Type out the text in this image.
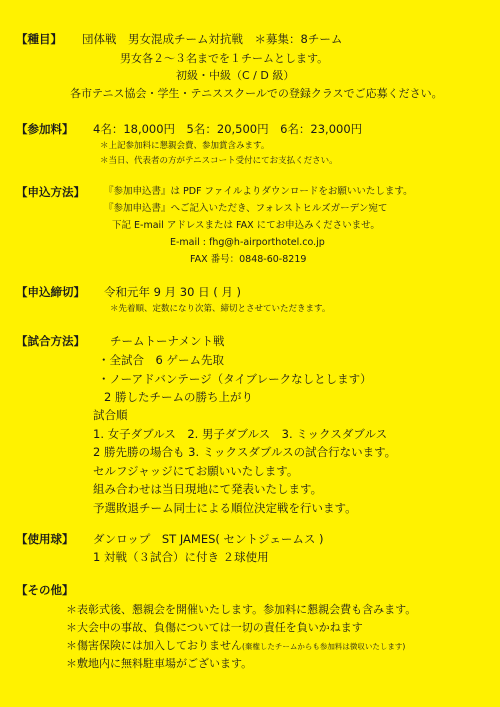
【種目】 団体戦　男女混成チーム対抗戦　＊募集：8チーム
男女各２～３名までを１チームとします。
初級・中級（C / D 級）
各市テニス協会・学生・テニススクールでの登録クラスでご応募ください。
【参加料】 4名：18,000円　5名：20,500円　6名：23,000円
＊上記参加料に懇親会費、参加賞含みます。
＊当日、代表者の方がテニスコート受付にてお支払ください。
【申込方法】 『参加申込書』は PDF ファイルよりダウンロードをお願いいたします。
『参加申込書』へご記入いただき、フォレストヒルズガーデン宛て
下記 E-mail アドレスまたは FAX にてお申込みくださいませ。
E-mail : fhg@h-airporthotel.co.jp
FAX 番号：0848-60-8219
【申込締切】 令和元年 9 月 30 日 ( 月 )
＊先着順、定数になり次第、締切とさせていただきます。
【試合方法】 チームトーナメント戦
・全試合　6 ゲーム先取
・ノーアドバンテージ（タイブレークなしとします）
2 勝したチームの勝ち上がり
試合順
1. 女子ダブルス　2. 男子ダブルス　3. ミックスダブルス
2 勝先勝の場合も 3. ミックスダブルスの試合行ないます。
セルフジャッジにてお願いいたします。
組み合わせは当日現地にて発表いたします。
予選敗退チーム同士による順位決定戦を行います。
【使用球】 ダンロップ　ST JAMES( セントジェームス )
1 対戦（３試合）に付き ２球使用
【その他】
＊表彰式後、懇親会を開催いたします。参加料に懇親会費も含みます。
＊大会中の事故、負傷については一切の責任を負いかねます
＊傷害保険には加入しておりません(棄権したチームからも参加料は徴収いたします)
＊敷地内に無料駐車場がございます。
